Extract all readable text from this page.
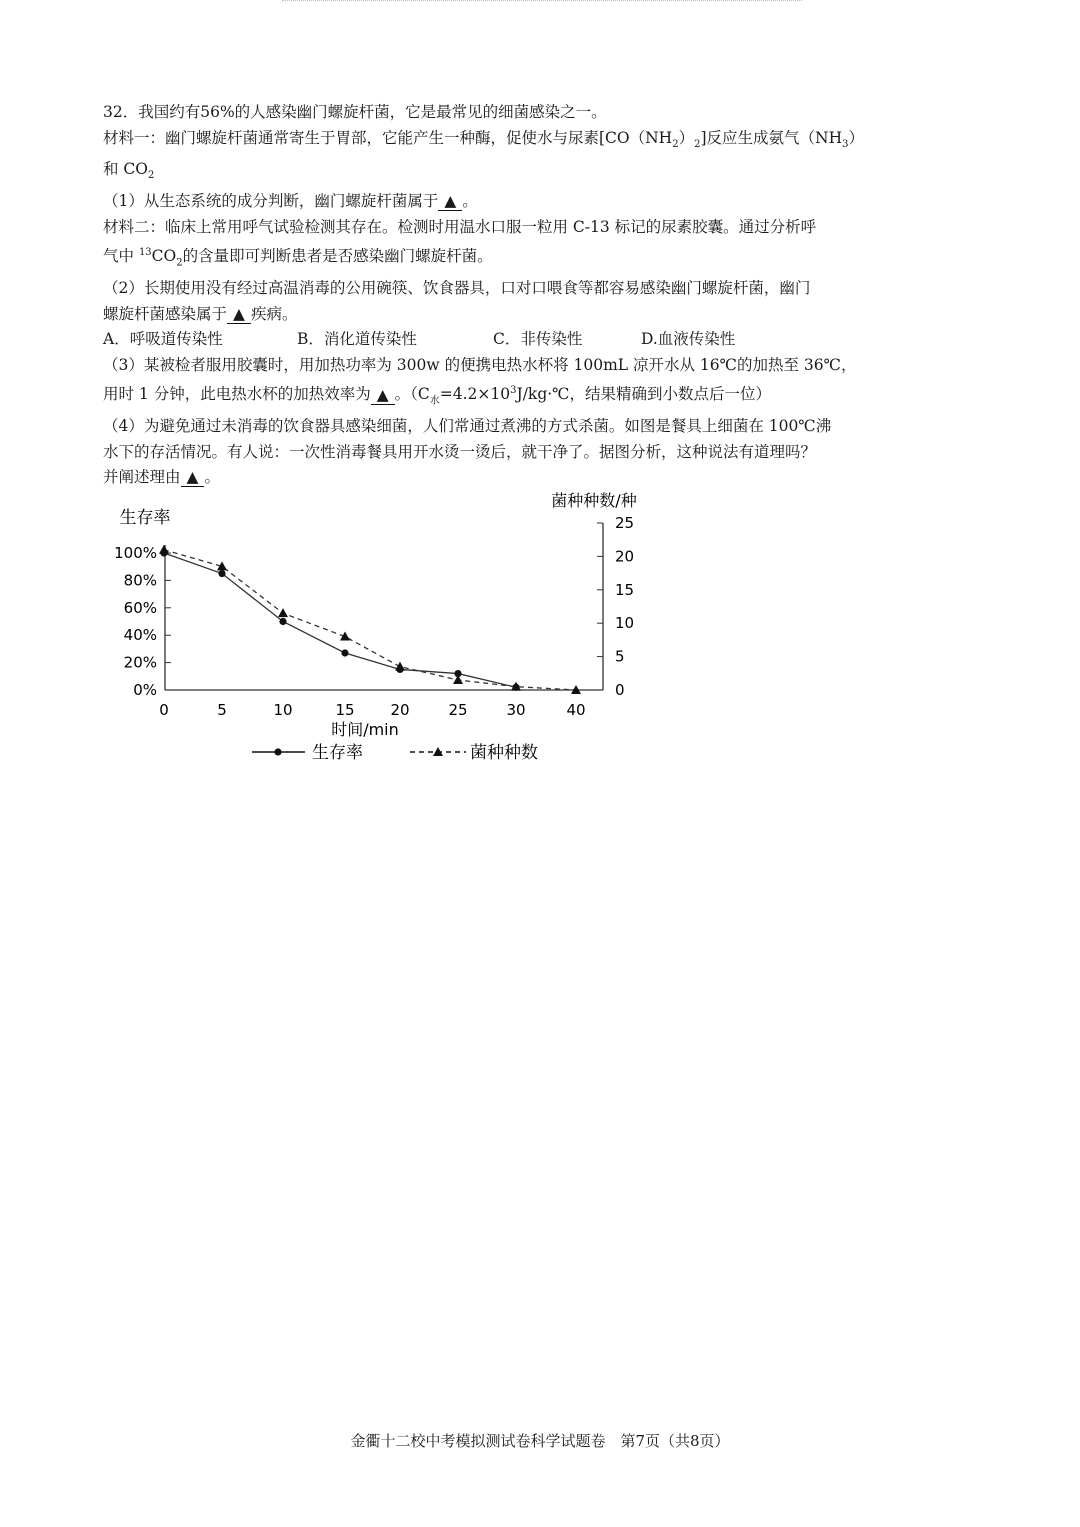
32．我国约有56%的人感染幽门螺旋杆菌，它是最常见的细菌感染之一。

材料一：幽门螺旋杆菌通常寄生于胃部，它能产生一种酶，促使水与尿素$[CO(NH_2)_2]$反应生成氨气$(NH_3)$

和 $CO_2$

（1）从生态系统的成分判断，幽门螺旋杆菌属于 ▲ 。

材料二：临床上常用呼气试验检测其存在。检测时用温水口服一粒用 C-13 标记的尿素胶囊。通过分析呼

气中 $^{13}CO_2$的含量即可判断患者是否感染幽门螺旋杆菌。

（2）长期使用没有经过高温消毒的公用碗筷、饮食器具，口对口喂食等都容易感染幽门螺旋杆菌，幽门

螺旋杆菌感染属于 ▲ 疾病。

A．呼吸道传染性	B．消化道传染性	C．非传染性	D.血液传染性

（3）某被检者服用胶囊时，用加热功率为 300w 的便携电热水杯将 100mL 凉开水从 16℃的加热至 36℃，

用时 1 分钟，此电热水杯的加热效率为 ▲ 。（$C_水=4.2\times 10^3J/kg\cdot℃$，结果精确到小数点后一位）

（4）为避免通过未消毒的饮食器具感染细菌，人们常通过煮沸的方式杀菌。如图是餐具上细菌在 100℃沸

水下的存活情况。有人说：一次性消毒餐具用开水烫一烫后，就干净了。据图分析，这种说法有道理吗？

并阐述理由 ▲ 。

0%
20%
40%
60%
80%
100%
0
5
10
15
20
25
0	5	10	15 20	25	30	40
生存率
菌种种数/种
时间/min
生存率	菌种种数
金衢十二校中考模拟测试卷科学试题卷　第7页（共8页）
